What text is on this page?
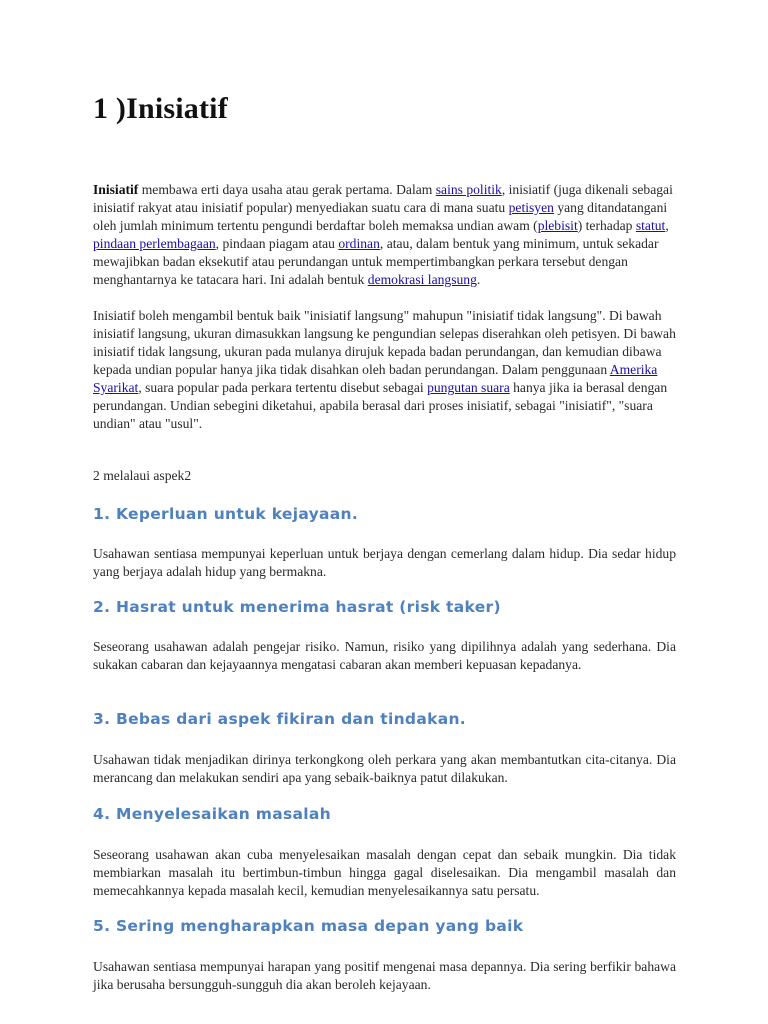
1 )Inisiatif

Inisiatif membawa erti daya usaha atau gerak pertama. Dalam sains politik, inisiatif (juga dikenali sebagai inisiatif rakyat atau inisiatif popular) menyediakan suatu cara di mana suatu petisyen yang ditandatangani oleh jumlah minimum tertentu pengundi berdaftar boleh memaksa undian awam (plebisit) terhadap statut, pindaan perlembagaan, pindaan piagam atau ordinan, atau, dalam bentuk yang minimum, untuk sekadar mewajibkan badan eksekutif atau perundangan untuk mempertimbangkan perkara tersebut dengan menghantarnya ke tatacara hari. Ini adalah bentuk demokrasi langsung.

Inisiatif boleh mengambil bentuk baik "inisiatif langsung" mahupun "inisiatif tidak langsung". Di bawah inisiatif langsung, ukuran dimasukkan langsung ke pengundian selepas diserahkan oleh petisyen. Di bawah inisiatif tidak langsung, ukuran pada mulanya dirujuk kepada badan perundangan, dan kemudian dibawa kepada undian popular hanya jika tidak disahkan oleh badan perundangan. Dalam penggunaan Amerika Syarikat, suara popular pada perkara tertentu disebut sebagai pungutan suara hanya jika ia berasal dengan perundangan. Undian sebegini diketahui, apabila berasal dari proses inisiatif, sebagai "inisiatif", "suara undian" atau "usul".

2 melalaui aspek2

1. Keperluan untuk kejayaan.

Usahawan sentiasa mempunyai keperluan untuk berjaya dengan cemerlang dalam hidup. Dia sedar hidup yang berjaya adalah hidup yang bermakna.

2. Hasrat untuk menerima hasrat (risk taker)

Seseorang usahawan adalah pengejar risiko. Namun, risiko yang dipilihnya adalah yang sederhana. Dia sukakan cabaran dan kejayaannya mengatasi cabaran akan memberi kepuasan kepadanya.

3. Bebas dari aspek fikiran dan tindakan.

Usahawan tidak menjadikan dirinya terkongkong oleh perkara yang akan membantutkan cita-citanya. Dia merancang dan melakukan sendiri apa yang sebaik-baiknya patut dilakukan.

4. Menyelesaikan masalah

Seseorang usahawan akan cuba menyelesaikan masalah dengan cepat dan sebaik mungkin. Dia tidak membiarkan masalah itu bertimbun-timbun hingga gagal diselesaikan. Dia mengambil masalah dan memecahkannya kepada masalah kecil, kemudian menyelesaikannya satu persatu.

5. Sering mengharapkan masa depan yang baik

Usahawan sentiasa mempunyai harapan yang positif mengenai masa depannya. Dia sering berfikir bahawa jika berusaha bersungguh-sungguh dia akan beroleh kejayaan.
